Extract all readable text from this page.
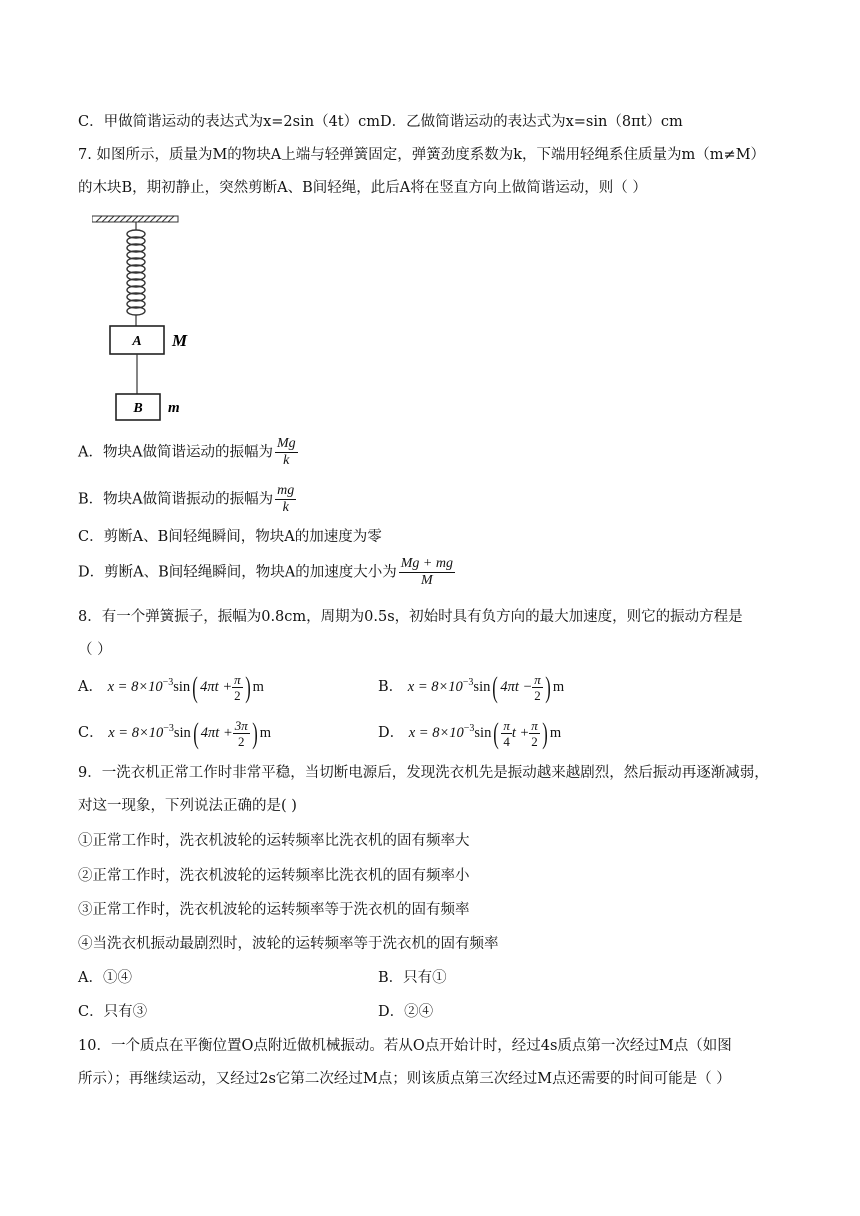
C．甲做简谐运动的表达式为x=2sin（4t）cmD．乙做简谐运动的表达式为x=sin（8πt）cm
7. 如图所示，质量为M的物块A上端与轻弹簧固定，弹簧劲度系数为k，下端用轻绳系住质量为m（m≠M）
的木块B，期初静止，突然剪断A、B间轻绳，此后A将在竖直方向上做简谐运动，则（ ）
A M
B m
A．物块A做简谐运动的振幅为 $\frac{Mg}{k}$
B．物块A做简谐振动的振幅为 $\frac{mg}{k}$
C．剪断A、B间轻绳瞬间，物块A的加速度为零
D．剪断A、B间轻绳瞬间，物块A的加速度大小为 $\frac{Mg + mg}{M}$
8．有一个弹簧振子，振幅为0.8cm，周期为0.5s，初始时具有负方向的最大加速度，则它的振动方程是
（ ）
A． $x = 8\times 10^{-3}\sin$( $4\pi t + \frac{\pi}{2}$ ) m	B． $x = 8\times 10^{-3}\sin$( $4\pi t - \frac{\pi}{2}$ ) m
C． $x = 8\times 10^{-3}\sin$( $4\pi t + \frac{3\pi}{2}$ ) m	D． $x = 8\times 10^{-3}\sin( \frac{\pi}{4}$ $t + \frac{\pi}{2}$ ) m
9．一洗衣机正常工作时非常平稳，当切断电源后，发现洗衣机先是振动越来越剧烈，然后振动再逐渐减弱，
对这一现象，下列说法正确的是( )
①正常工作时，洗衣机波轮的运转频率比洗衣机的固有频率大
②正常工作时，洗衣机波轮的运转频率比洗衣机的固有频率小
③正常工作时，洗衣机波轮的运转频率等于洗衣机的固有频率
④当洗衣机振动最剧烈时，波轮的运转频率等于洗衣机的固有频率
A．①④	B．只有①
C．只有③	D．②④
10．一个质点在平衡位置O点附近做机械振动。若从O点开始计时，经过4s质点第一次经过M点（如图
所示）；再继续运动，又经过2s它第二次经过M点；则该质点第三次经过M点还需要的时间可能是（ ）
